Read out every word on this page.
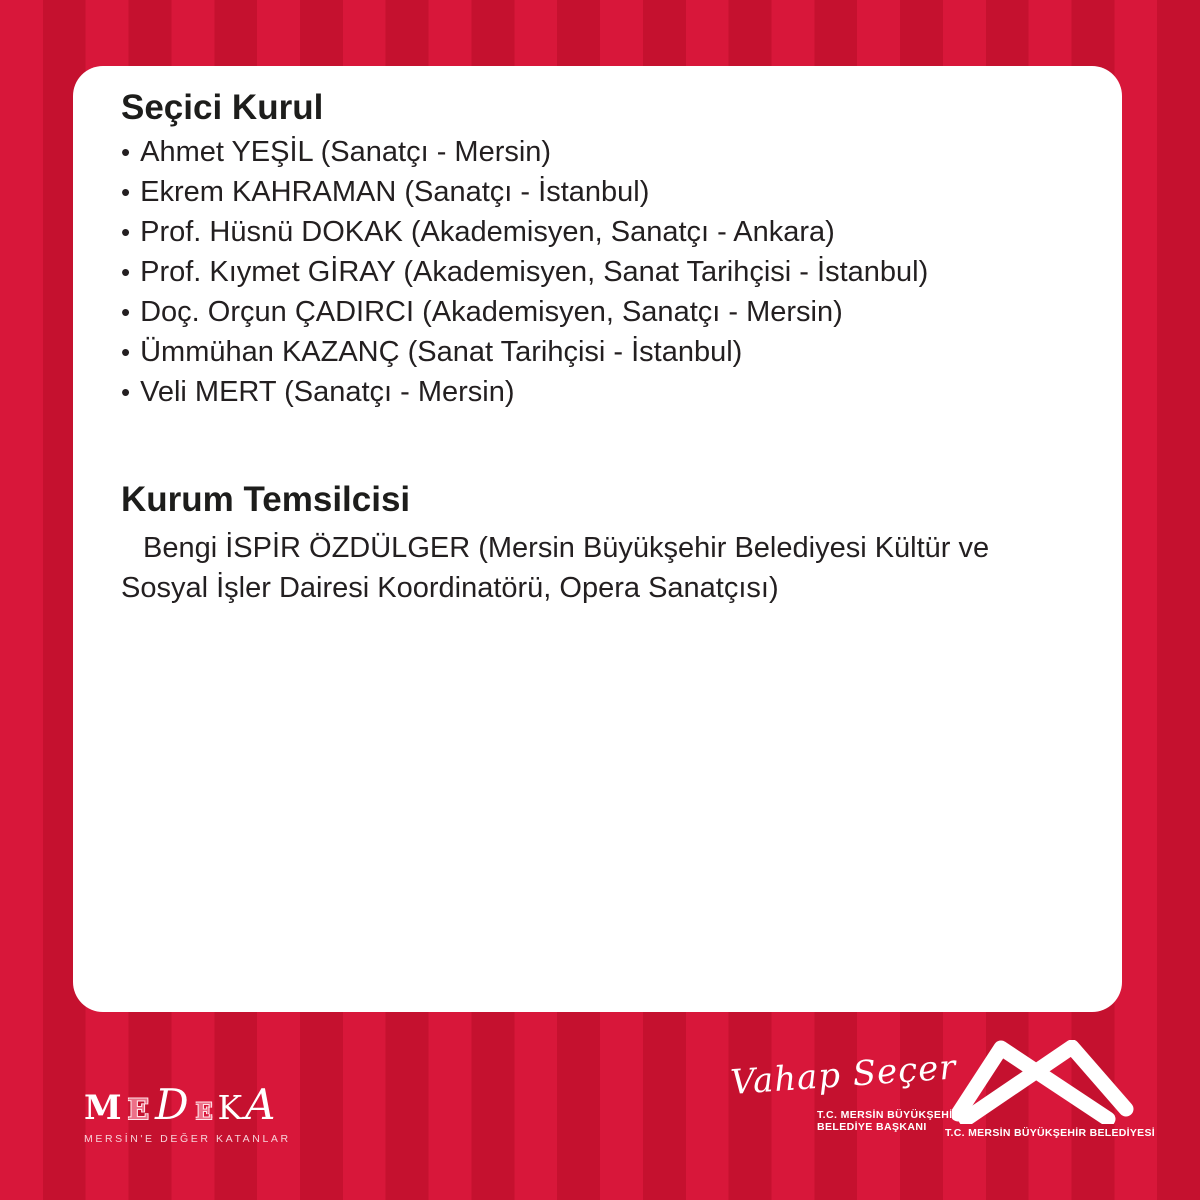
Seçici Kurul
• Ahmet YEŞİL (Sanatçı - Mersin)
• Ekrem KAHRAMAN (Sanatçı - İstanbul)
• Prof. Hüsnü DOKAK (Akademisyen, Sanatçı - Ankara)
• Prof. Kıymet GİRAY (Akademisyen, Sanat Tarihçisi - İstanbul)
• Doç. Orçun ÇADIRCI (Akademisyen, Sanatçı - Mersin)
• Ümmühan KAZANÇ (Sanat Tarihçisi - İstanbul)
• Veli MERT (Sanatçı - Mersin)
Kurum Temsilcisi

Bengi İSPİR ÖZDÜLGER (Mersin Büyükşehir Belediyesi Kültür ve
Sosyal İşler Dairesi Koordinatörü, Opera Sanatçısı)

M E D E K A
MERSİN'E DEĞER KATANLAR
Vahap Seçer
T.C. MERSİN BÜYÜKŞEHİR
BELEDİYE BAŞKANI	T.C. MERSİN BÜYÜKŞEHİR BELEDİYESİ
